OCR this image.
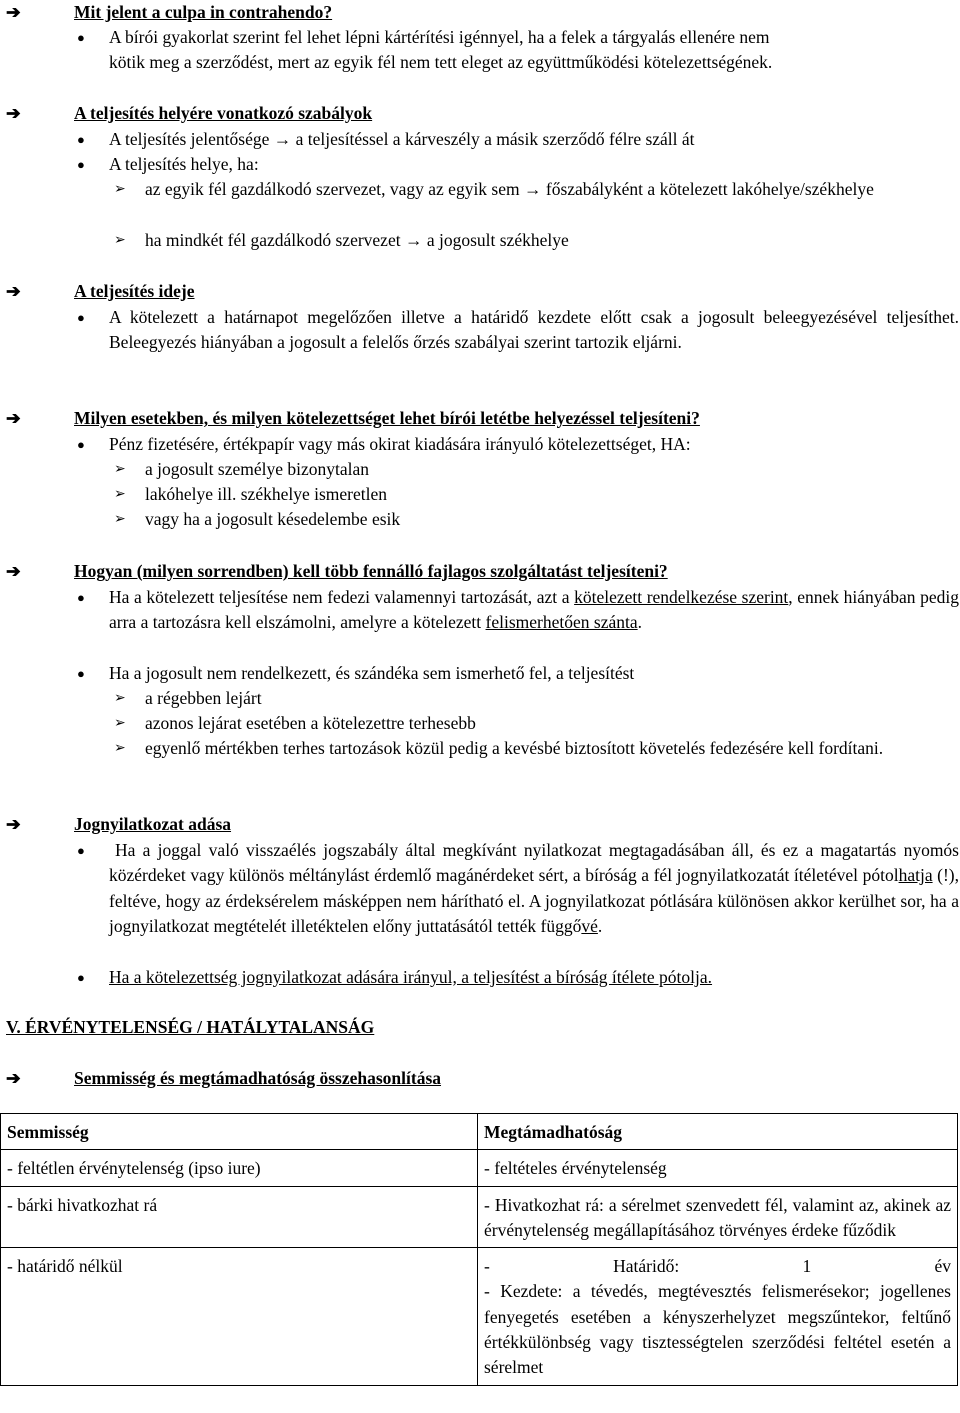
➔	Mit jelent a culpa in contrahendo?
● A bírói gyakorlat szerint fel lehet lépni kártérítési igénnyel, ha a felek a tárgyalás ellenére nem
kötik meg a szerződést, mert az egyik fél nem tett eleget az együttműködési kötelezettségének.
➔	A teljesítés helyére vonatkozó szabályok
● A teljesítés jelentősége → a teljesítéssel a kárveszély a másik szerződő félre száll át
● A teljesítés helye, ha:
➢ az egyik fél gazdálkodó szervezet, vagy az egyik sem → főszabályként a kötelezett lakóhelye/székhelye
➢ ha mindkét fél gazdálkodó szervezet → a jogosult székhelye
➔	A teljesítés ideje
● A kötelezett a határnapot megelőzően illetve a határidő kezdete előtt csak a jogosult beleegyezésével teljesíthet. Beleegyezés hiányában a jogosult a felelős őrzés szabályai szerint tartozik eljárni.
➔	Milyen esetekben, és milyen kötelezettséget lehet bírói letétbe helyezéssel teljesíteni?
● Pénz fizetésére, értékpapír vagy más okirat kiadására irányuló kötelezettséget, HA:
➢ a jogosult személye bizonytalan
➢ lakóhelye ill. székhelye ismeretlen
➢ vagy ha a jogosult késedelembe esik
➔	Hogyan (milyen sorrendben) kell több fennálló fajlagos szolgáltatást teljesíteni?
● Ha a kötelezett teljesítése nem fedezi valamennyi tartozását, azt a kötelezett rendelkezése szerint, ennek hiányában pedig arra a tartozásra kell elszámolni, amelyre a kötelezett felismerhetően szánta.
● Ha a jogosult nem rendelkezett, és szándéka sem ismerhető fel, a teljesítést
➢ a régebben lejárt
➢ azonos lejárat esetében a kötelezettre terhesebb
➢ egyenlő mértékben terhes tartozások közül pedig a kevésbé biztosított követelés fedezésére kell fordítani.
➔	Jognyilatkozat adása
●	Ha a joggal való visszaélés jogszabály által megkívánt nyilatkozat megtagadásában áll, és ez a magatartás nyomós közérdeket vagy különös méltánylást érdemlő magánérdeket sért, a bíróság a fél jognyilatkozatát ítéletével pótolhatja (!), feltéve, hogy az érdeksérelem másképpen nem hárítható el. A jognyilatkozat pótlására különösen akkor kerülhet sor, ha a jognyilatkozat megtételét illetéktelen előny juttatásától tették függővé.
● Ha a kötelezettség jognyilatkozat adására irányul, a teljesítést a bíróság ítélete pótolja.
V. ÉRVÉNYTELENSÉG / HATÁLYTALANSÁG
➔	Semmisség és megtámadhatóság összehasonlítása
Semmisség	Megtámadhatóság
- feltétlen érvénytelenség (ipso iure)	- feltételes érvénytelenség
- bárki hivatkozhat rá	- Hivatkozhat rá: a sérelmet szenvedett fél, valamint az, akinek az érvénytelenség megállapításához törvényes érdeke fűződik
- határidő nélkül	- Határidő: 1 év
- Kezdete: a tévedés, megtévesztés felismerésekor; jogellenes fenyegetés esetében a kényszerhelyzet megszűntekor, feltűnő értékkülönbség vagy tisztességtelen szerződési feltétel esetén a sérelmet
